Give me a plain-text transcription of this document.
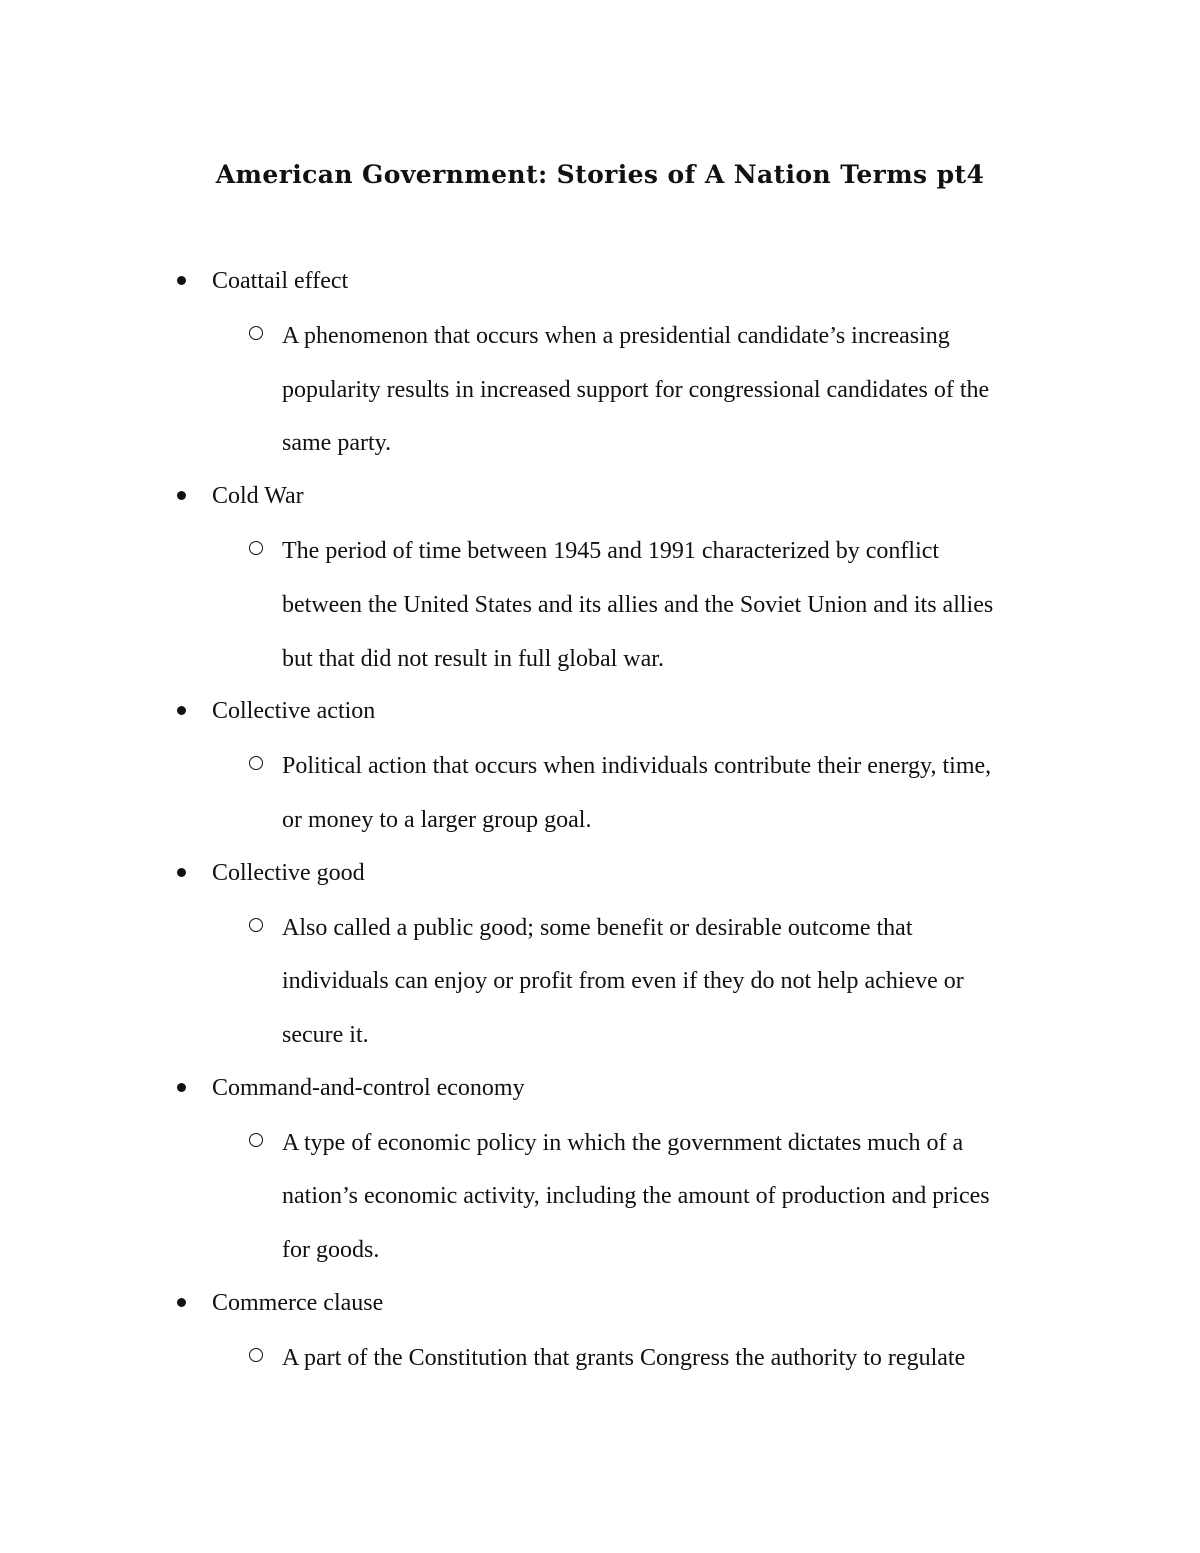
American Government: Stories of A Nation Terms pt4
Coattail effect

A phenomenon that occurs when a presidential candidate’s increasing
popularity results in increased support for congressional candidates of the
same party.

Cold War

The period of time between 1945 and 1991 characterized by conflict
between the United States and its allies and the Soviet Union and its allies
but that did not result in full global war.

Collective action

Political action that occurs when individuals contribute their energy, time,
or money to a larger group goal.

Collective good

Also called a public good; some benefit or desirable outcome that
individuals can enjoy or profit from even if they do not help achieve or
secure it.

Command-and-control economy

A type of economic policy in which the government dictates much of a
nation’s economic activity, including the amount of production and prices
for goods.

Commerce clause

A part of the Constitution that grants Congress the authority to regulate
